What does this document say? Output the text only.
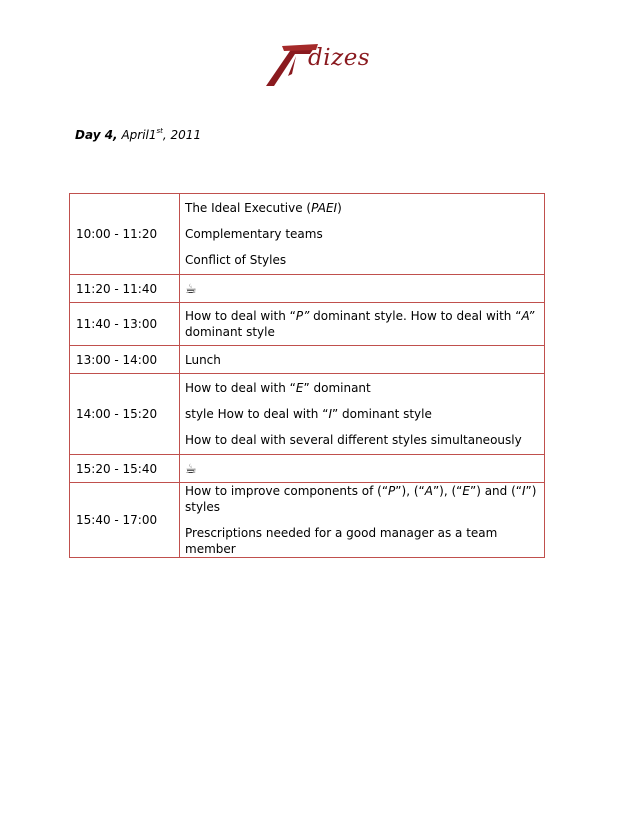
dizes
Day 4, April1st, 2011
10:00 - 11:20	The Ideal Executive (PAEI)
Complementary teams
Conflict of Styles

11:20 - 11:40	☕
11:40 - 13:00	How to deal with “P” dominant style. How to deal with “A” dominant style
13:00 - 14:00	Lunch
14:00 - 15:20	How to deal with “E” dominant
style How to deal with “I” dominant style
How to deal with several different styles simultaneously

15:20 - 15:40	☕
15:40 - 17:00	How to improve components of (“P”), (“A”), (“E”) and (“I”) styles
Prescriptions needed for a good manager as a team member
